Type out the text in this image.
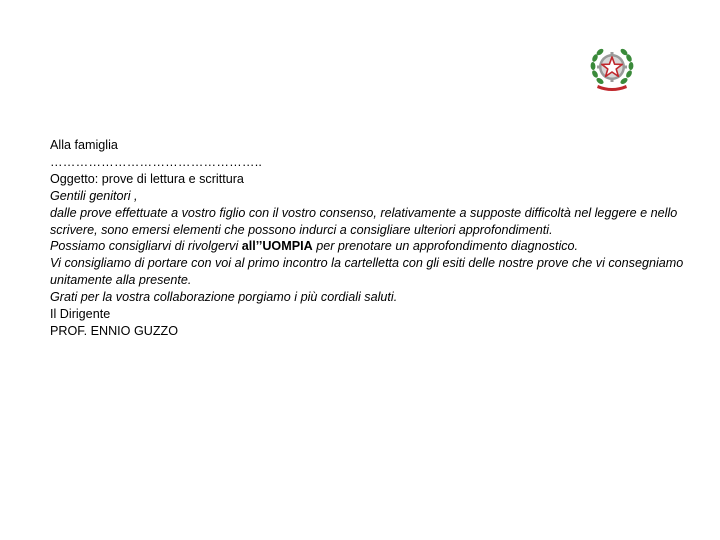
Alla famiglia

…………………………………………..

Oggetto: prove di lettura e scrittura

Gentili genitori ,

dalle prove effettuate a vostro figlio con il vostro consenso, relativamente a supposte difficoltà nel leggere e nello scrivere, sono emersi elementi che possono indurci a consigliare ulteriori approfondimenti.

Possiamo consigliarvi di rivolgervi all’’UOMPIA per prenotare un approfondimento diagnostico.

Vi consigliamo di portare con voi al primo incontro la cartelletta con gli esiti delle nostre prove che vi consegniamo unitamente alla presente.

Grati per la vostra collaborazione porgiamo i più cordiali saluti.

Il Dirigente

PROF. ENNIO GUZZO
